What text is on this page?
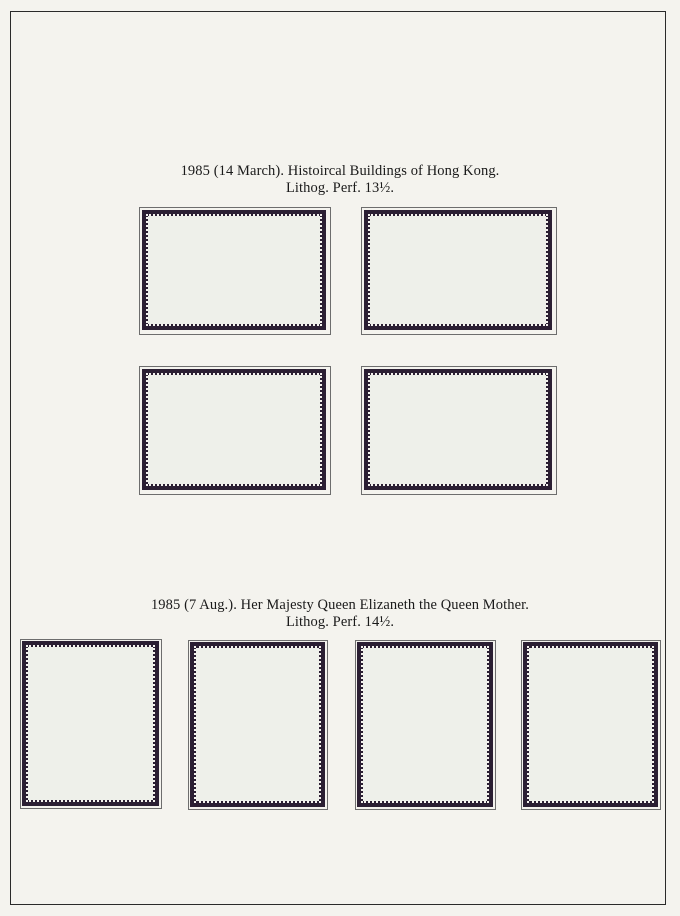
1985 (14 March). Histoircal Buildings of Hong Kong.
Lithog. Perf. 13½.
1985 (7 Aug.). Her Majesty Queen Elizaneth the Queen Mother.
Lithog. Perf. 14½.
